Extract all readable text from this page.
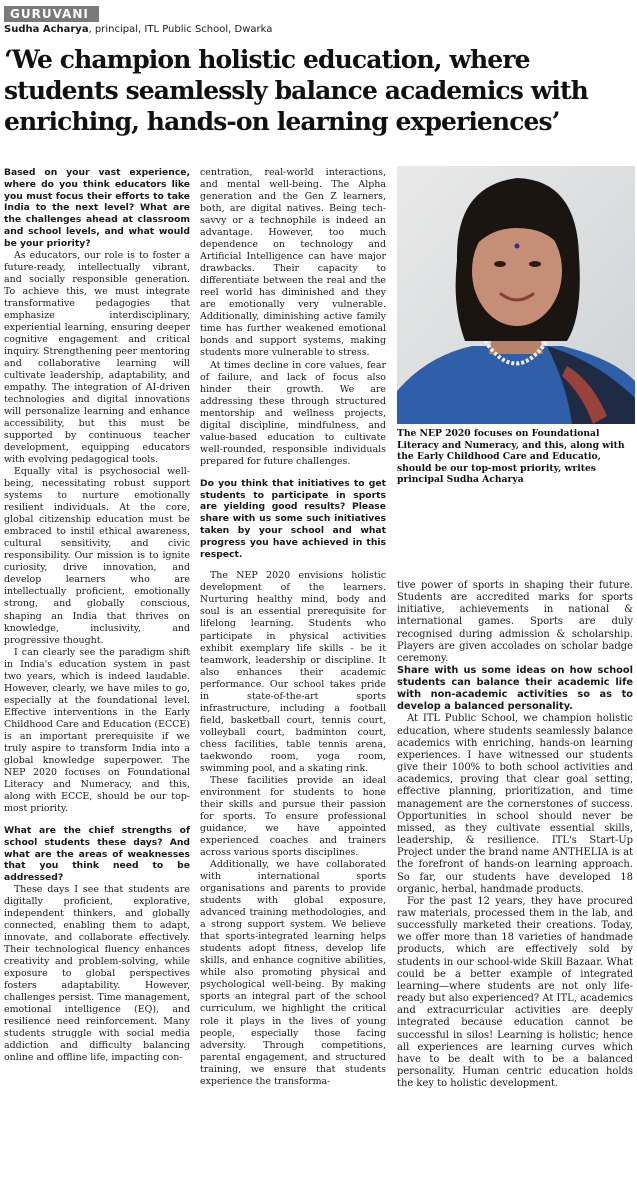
GURUVANI
Sudha Acharya, principal, ITL Public School, Dwarka
‘We champion holistic education, where students seamlessly balance academics with enriching, hands-on learning experiences’

Based on your vast experience, where do you think educators like you must focus their efforts to take India to the next level? What are the challenges ahead at classroom and school levels, and what would be your priority?

As educators, our role is to foster a future-ready, intellectually vibrant, and socially responsible generation. To achieve this, we must integrate transformative pedagogies that emphasize interdisciplinary, experiential learning, ensuring deeper cognitive engagement and critical inquiry. Strengthening peer mentoring and collaborative learning will cultivate leadership, adaptability, and empathy. The integration of AI-driven technologies and digital innovations will personalize learning and enhance accessibility, but this must be supported by continuous teacher development, equipping educators with evolving pedagogical tools.

Equally vital is psychosocial well-being, necessitating robust support systems to nurture emotionally resilient individuals. At the core, global citizenship education must be embraced to instil ethical awareness, cultural sensitivity, and civic responsibility. Our mission is to ignite curiosity, drive innovation, and develop learners who are intellectually proficient, emotionally strong, and globally conscious, shaping an India that thrives on knowledge, inclusivity, and progressive thought.

I can clearly see the paradigm shift in India's education system in past two years, which is indeed laudable. However, clearly, we have miles to go, especially at the foundational level. Effective interventions in the Early Childhood Care and Education (ECCE) is an important prerequisite if we truly aspire to transform India into a global knowledge superpower. The NEP 2020 focuses on Foundational Literacy and Numeracy, and this, along with ECCE, should be our top-most priority.

What are the chief strengths of school students these days? And what are the areas of weaknesses that you think need to be addressed?

These days I see that students are digitally proficient, explorative, independent thinkers, and globally connected, enabling them to adapt, innovate, and collaborate effectively. Their technological fluency enhances creativity and problem-solving, while exposure to global perspectives fosters adaptability. However, challenges persist. Time management, emotional intelligence (EQ), and resilience need reinforcement. Many students struggle with social media addiction and difficulty balancing online and offline life, impacting con-

centration, real-world interactions, and mental well-being. The Alpha generation and the Gen Z learners, both, are digital natives. Being tech-savvy or a technophile is indeed an advantage. However, too much dependence on technology and Artificial Intelligence can have major drawbacks. Their capacity to differentiate between the real and the reel world has diminished and they are emotionally very vulnerable. Additionally, diminishing active family time has further weakened emotional bonds and support systems, making students more vulnerable to stress.

At times decline in core values, fear of failure, and lack of focus also hinder their growth. We are addressing these through structured mentorship and wellness projects, digital discipline, mindfulness, and value-based education to cultivate well-rounded, responsible individuals prepared for future challenges.

Do you think that initiatives to get students to participate in sports are yielding good results? Please share with us some such initiatives taken by your school and what progress you have achieved in this respect.

The NEP 2020 envisions holistic development of the learners. Nurturing healthy mind, body and soul is an essential prerequisite for lifelong learning. Students who participate in physical activities exhibit exemplary life skills - be it teamwork, leadership or discipline. It also enhances their academic performance. Our school takes pride in state-of-the-art sports infrastructure, including a football field, basketball court, tennis court, volleyball court, badminton court, chess facilities, table tennis arena, taekwondo room, yoga room, swimming pool, and a skating rink.

These facilities provide an ideal environment for students to hone their skills and pursue their passion for sports. To ensure professional guidance, we have appointed experienced coaches and trainers across various sports disciplines.

Additionally, we have collaborated with international sports organisations and parents to provide students with global exposure, advanced training methodologies, and a strong support system. We believe that sports-integrated learning helps students adopt fitness, develop life skills, and enhance cognitive abilities, while also promoting physical and psychological well-being. By making sports an integral part of the school curriculum, we highlight the critical role it plays in the lives of young people, especially those facing adversity. Through competitions, parental engagement, and structured training, we ensure that students experience the transforma-

The NEP 2020 focuses on Foundational Literacy and Numeracy, and this, along with the Early Childhood Care and Educatio, should be our top-most priority, writes principal Sudha Acharya

tive power of sports in shaping their future. Students are accredited marks for sports initiative, achievements in national & international games. Sports are duly recognised during admission & scholarship. Players are given accolades on scholar badge ceremony.

Share with us some ideas on how school students can balance their academic life with non-academic activities so as to develop a balanced personality.

At ITL Public School, we champion holistic education, where students seamlessly balance academics with enriching, hands-on learning experiences. I have witnessed our students give their 100% to both school activities and academics, proving that clear goal setting, effective planning, prioritization, and time management are the cornerstones of success. Opportunities in school should never be missed, as they cultivate essential skills, leadership, & resilience. ITL's Start-Up Project under the brand name ANTHELIA is at the forefront of hands-on learning approach. So far, our students have developed 18 organic, herbal, handmade products.

For the past 12 years, they have procured raw materials, processed them in the lab, and successfully marketed their creations. Today, we offer more than 18 varieties of handmade products, which are effectively sold by students in our school-wide Skill Bazaar. What could be a better example of integrated learning—where students are not only life-ready but also experienced? At ITL, academics and extracurricular activities are deeply integrated because education cannot be successful in silos! Learning is holistic; hence all experiences are learning curves which have to be dealt with to be a balanced personality. Human centric education holds the key to holistic development.
